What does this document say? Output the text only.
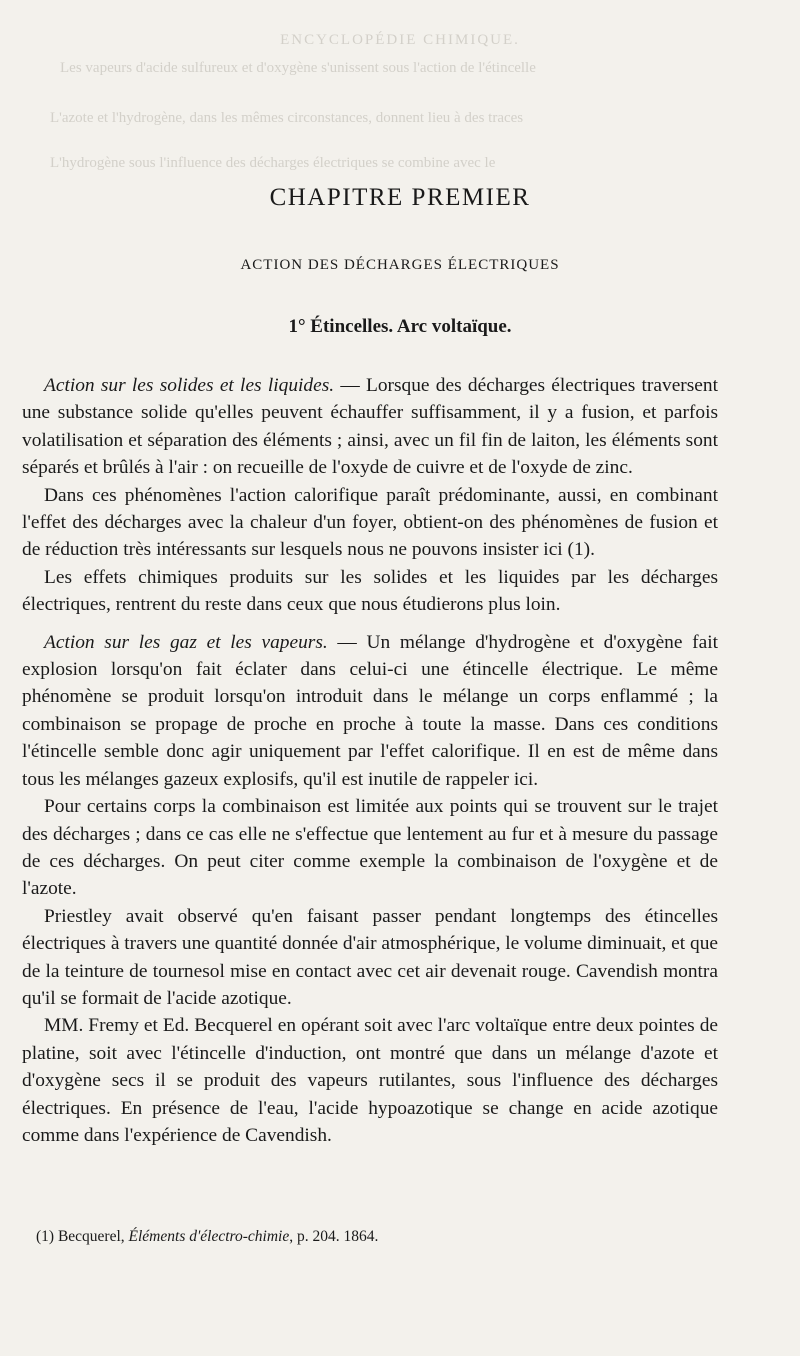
ENCYCLOPÉDIE CHIMIQUE.
Les vapeurs d'acide sulfureux et d'oxygène s'unissent sous l'action de l'étincelle
L'azote et l'hydrogène, dans les mêmes circonstances, donnent lieu à des traces
L'hydrogène sous l'influence des décharges électriques se combine avec le
CHAPITRE PREMIER
ACTION DES DÉCHARGES ÉLECTRIQUES
1° Étincelles. Arc voltaïque.

Action sur les solides et les liquides. — Lorsque des décharges électriques traversent une substance solide qu'elles peuvent échauffer suffisamment, il y a fusion, et parfois volatilisation et séparation des éléments ; ainsi, avec un fil fin de laiton, les éléments sont séparés et brûlés à l'air : on recueille de l'oxyde de cuivre et de l'oxyde de zinc.

Dans ces phénomènes l'action calorifique paraît prédominante, aussi, en combinant l'effet des décharges avec la chaleur d'un foyer, obtient-on des phénomènes de fusion et de réduction très intéressants sur lesquels nous ne pouvons insister ici (1).

Les effets chimiques produits sur les solides et les liquides par les décharges électriques, rentrent du reste dans ceux que nous étudierons plus loin.

Action sur les gaz et les vapeurs. — Un mélange d'hydrogène et d'oxygène fait explosion lorsqu'on fait éclater dans celui-ci une étincelle électrique. Le même phénomène se produit lorsqu'on introduit dans le mélange un corps enflammé ; la combinaison se propage de proche en proche à toute la masse. Dans ces conditions l'étincelle semble donc agir uniquement par l'effet calorifique. Il en est de même dans tous les mélanges gazeux explosifs, qu'il est inutile de rappeler ici.

Pour certains corps la combinaison est limitée aux points qui se trouvent sur le trajet des décharges ; dans ce cas elle ne s'effectue que lentement au fur et à mesure du passage de ces décharges. On peut citer comme exemple la combinaison de l'oxygène et de l'azote.

Priestley avait observé qu'en faisant passer pendant longtemps des étincelles électriques à travers une quantité donnée d'air atmosphérique, le volume diminuait, et que de la teinture de tournesol mise en contact avec cet air devenait rouge. Cavendish montra qu'il se formait de l'acide azotique.

MM. Fremy et Ed. Becquerel en opérant soit avec l'arc voltaïque entre deux pointes de platine, soit avec l'étincelle d'induction, ont montré que dans un mélange d'azote et d'oxygène secs il se produit des vapeurs rutilantes, sous l'influence des décharges électriques. En présence de l'eau, l'acide hypoazotique se change en acide azotique comme dans l'expérience de Cavendish.

(1) Becquerel, Éléments d'électro-chimie, p. 204. 1864.
